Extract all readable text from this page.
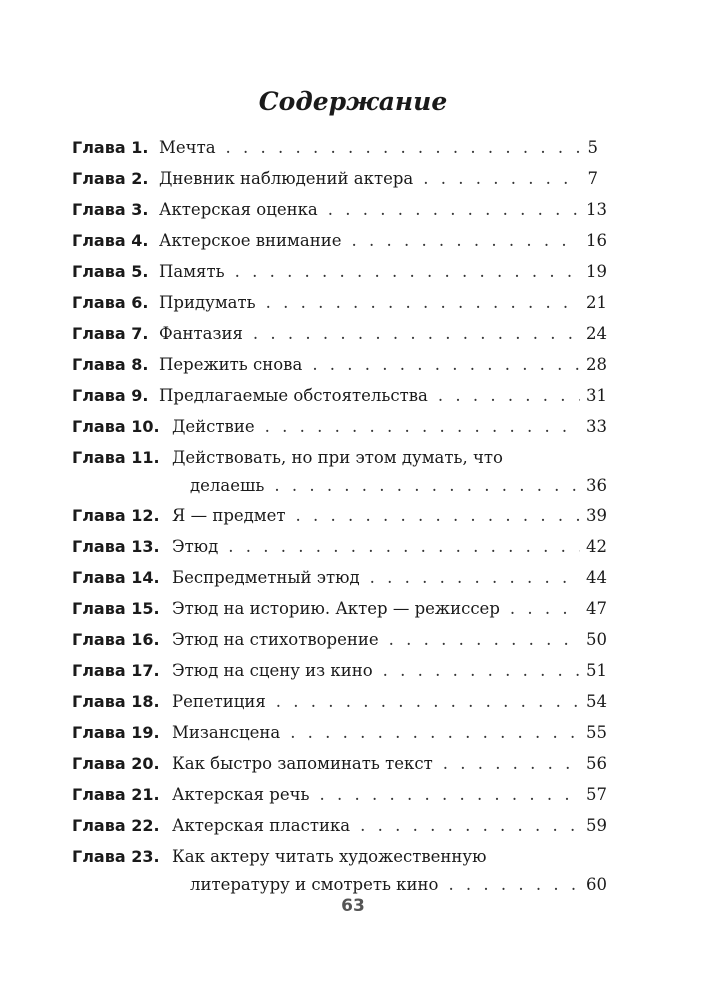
Содержание
Глава 1. Мечта . . .	5
Глава 2. Дневник наблюдений актера . . .	7
Глава 3. Актерская оценка . . .	13
Глава 4. Актерское внимание . . .	16
Глава 5. Память . . .	19
Глава 6. Придумать . . .	21
Глава 7. Фантазия . . .	24
Глава 8. Пережить снова . . .	28
Глава 9. Предлагаемые обстоятельства . . .	31
Глава 10. Действие . . .	33
Глава 11. Действовать, но при этом думать, что
делаешь . . .	36
Глава 12. Я — предмет . . .	39
Глава 13. Этюд . . .	42
Глава 14. Беспредметный этюд . . .	44
Глава 15. Этюд на историю. Актер — режиссер . . .	47
Глава 16. Этюд на стихотворение . . .	50
Глава 17. Этюд на сцену из кино . . .	51
Глава 18. Репетиция . . .	54
Глава 19. Мизансцена . . .	55
Глава 20. Как быстро запоминать текст . . .	56
Глава 21. Актерская речь . . .	57
Глава 22. Актерская пластика . . .	59
Глава 23. Как актеру читать художественную
литературу и смотреть кино . . .	60
63
